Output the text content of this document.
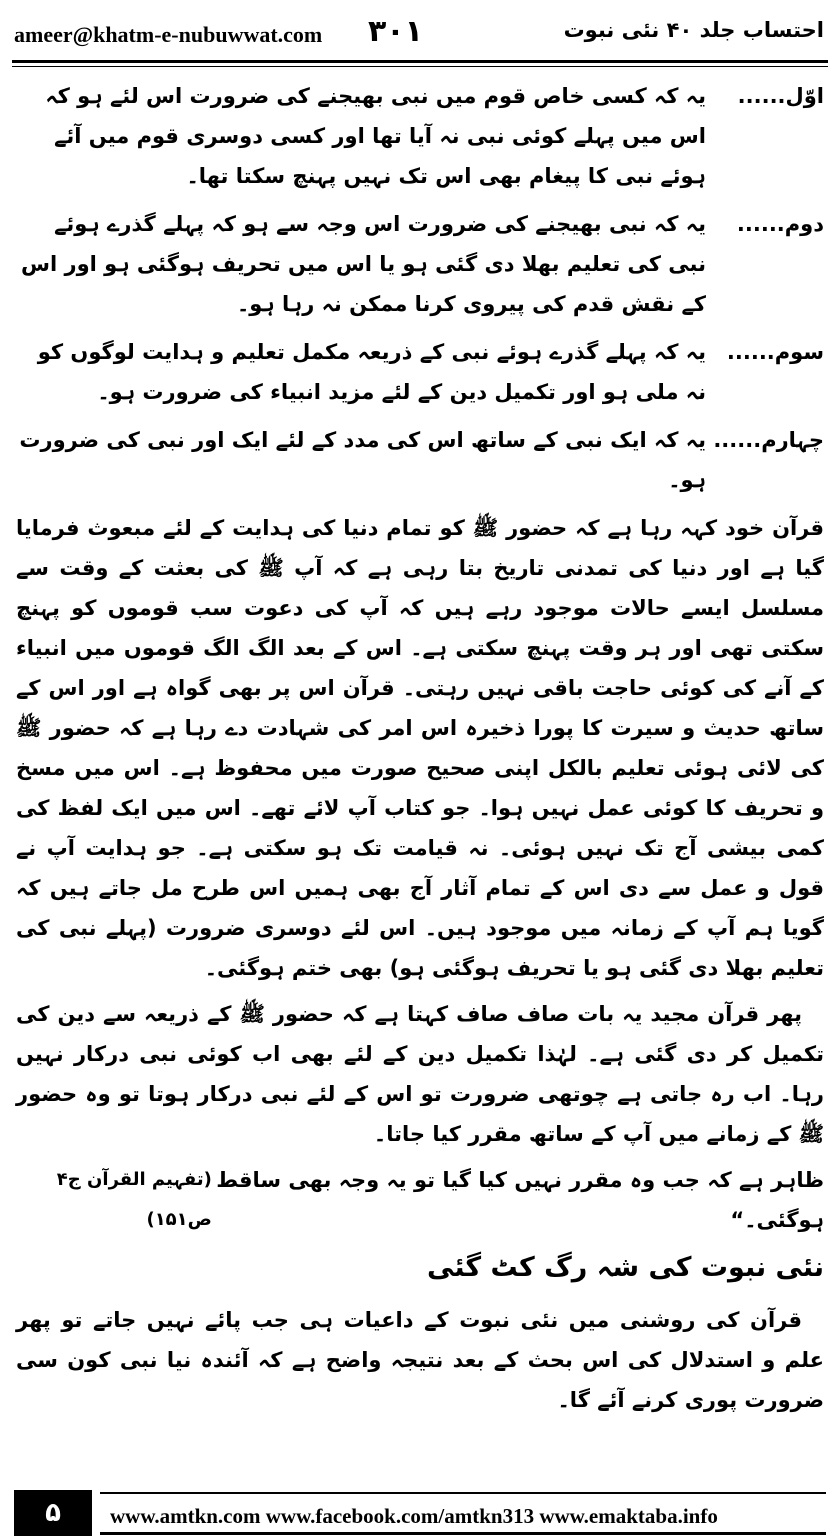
ameer@khatm-e-nubuwwat.com ۳۰۱	احتساب جلد ۴۰ نئی نبوت
اوّل......
یہ کہ کسی خاص قوم میں نبی بھیجنے کی ضرورت اس لئے ہو کہ اس میں پہلے کوئی نبی نہ آیا تھا اور کسی دوسری قوم میں آئے ہوئے نبی کا پیغام بھی اس تک نہیں پہنچ سکتا تھا۔
دوم......
یہ کہ نبی بھیجنے کی ضرورت اس وجہ سے ہو کہ پہلے گذرے ہوئے نبی کی تعلیم بھلا دی گئی ہو یا اس میں تحریف ہوگئی ہو اور اس کے نقش قدم کی پیروی کرنا ممکن نہ رہا ہو۔
سوم......
یہ کہ پہلے گذرے ہوئے نبی کے ذریعہ مکمل تعلیم و ہدایت لوگوں کو نہ ملی ہو اور تکمیل دین کے لئے مزید انبیاء کی ضرورت ہو۔
چہارم......
یہ کہ ایک نبی کے ساتھ اس کی مدد کے لئے ایک اور نبی کی ضرورت ہو۔

قرآن خود کہہ رہا ہے کہ حضور ﷺ کو تمام دنیا کی ہدایت کے لئے مبعوث فرمایا گیا ہے اور دنیا کی تمدنی تاریخ بتا رہی ہے کہ آپ ﷺ کی بعثت کے وقت سے مسلسل ایسے حالات موجود رہے ہیں کہ آپ کی دعوت سب قوموں کو پہنچ سکتی تھی اور ہر وقت پہنچ سکتی ہے۔ اس کے بعد الگ الگ قوموں میں انبیاء کے آنے کی کوئی حاجت باقی نہیں رہتی۔ قرآن اس پر بھی گواہ ہے اور اس کے ساتھ حدیث و سیرت کا پورا ذخیرہ اس امر کی شہادت دے رہا ہے کہ حضور ﷺ کی لائی ہوئی تعلیم بالکل اپنی صحیح صورت میں محفوظ ہے۔ اس میں مسخ و تحریف کا کوئی عمل نہیں ہوا۔ جو کتاب آپ لائے تھے۔ اس میں ایک لفظ کی کمی بیشی آج تک نہیں ہوئی۔ نہ قیامت تک ہو سکتی ہے۔ جو ہدایت آپ نے قول و عمل سے دی اس کے تمام آثار آج بھی ہمیں اس طرح مل جاتے ہیں کہ گویا ہم آپ کے زمانہ میں موجود ہیں۔ اس لئے دوسری ضرورت (پہلے نبی کی تعلیم بھلا دی گئی ہو یا تحریف ہوگئی ہو) بھی ختم ہوگئی۔

پھر قرآن مجید یہ بات صاف صاف کہتا ہے کہ حضور ﷺ کے ذریعہ سے دین کی تکمیل کر دی گئی ہے۔ لہٰذا تکمیل دین کے لئے بھی اب کوئی نبی درکار نہیں رہا۔ اب رہ جاتی ہے چوتھی ضرورت تو اس کے لئے نبی درکار ہوتا تو وہ حضور ﷺ کے زمانے میں آپ کے ساتھ مقرر کیا جاتا۔

ظاہر ہے کہ جب وہ مقرر نہیں کیا گیا تو یہ وجہ بھی ساقط ہوگئی۔“
(تفہیم القرآن ج۴ ص۱۵۱)
نئی نبوت کی شہ رگ کٹ گئی

قرآن کی روشنی میں نئی نبوت کے داعیات ہی جب پائے نہیں جاتے تو پھر علم و استدلال کی اس بحث کے بعد نتیجہ واضح ہے کہ آئندہ نیا نبی کون سی ضرورت پوری کرنے آئے گا۔

۵	www.amtkn.com www.facebook.com/amtkn313 www.emaktaba.info
